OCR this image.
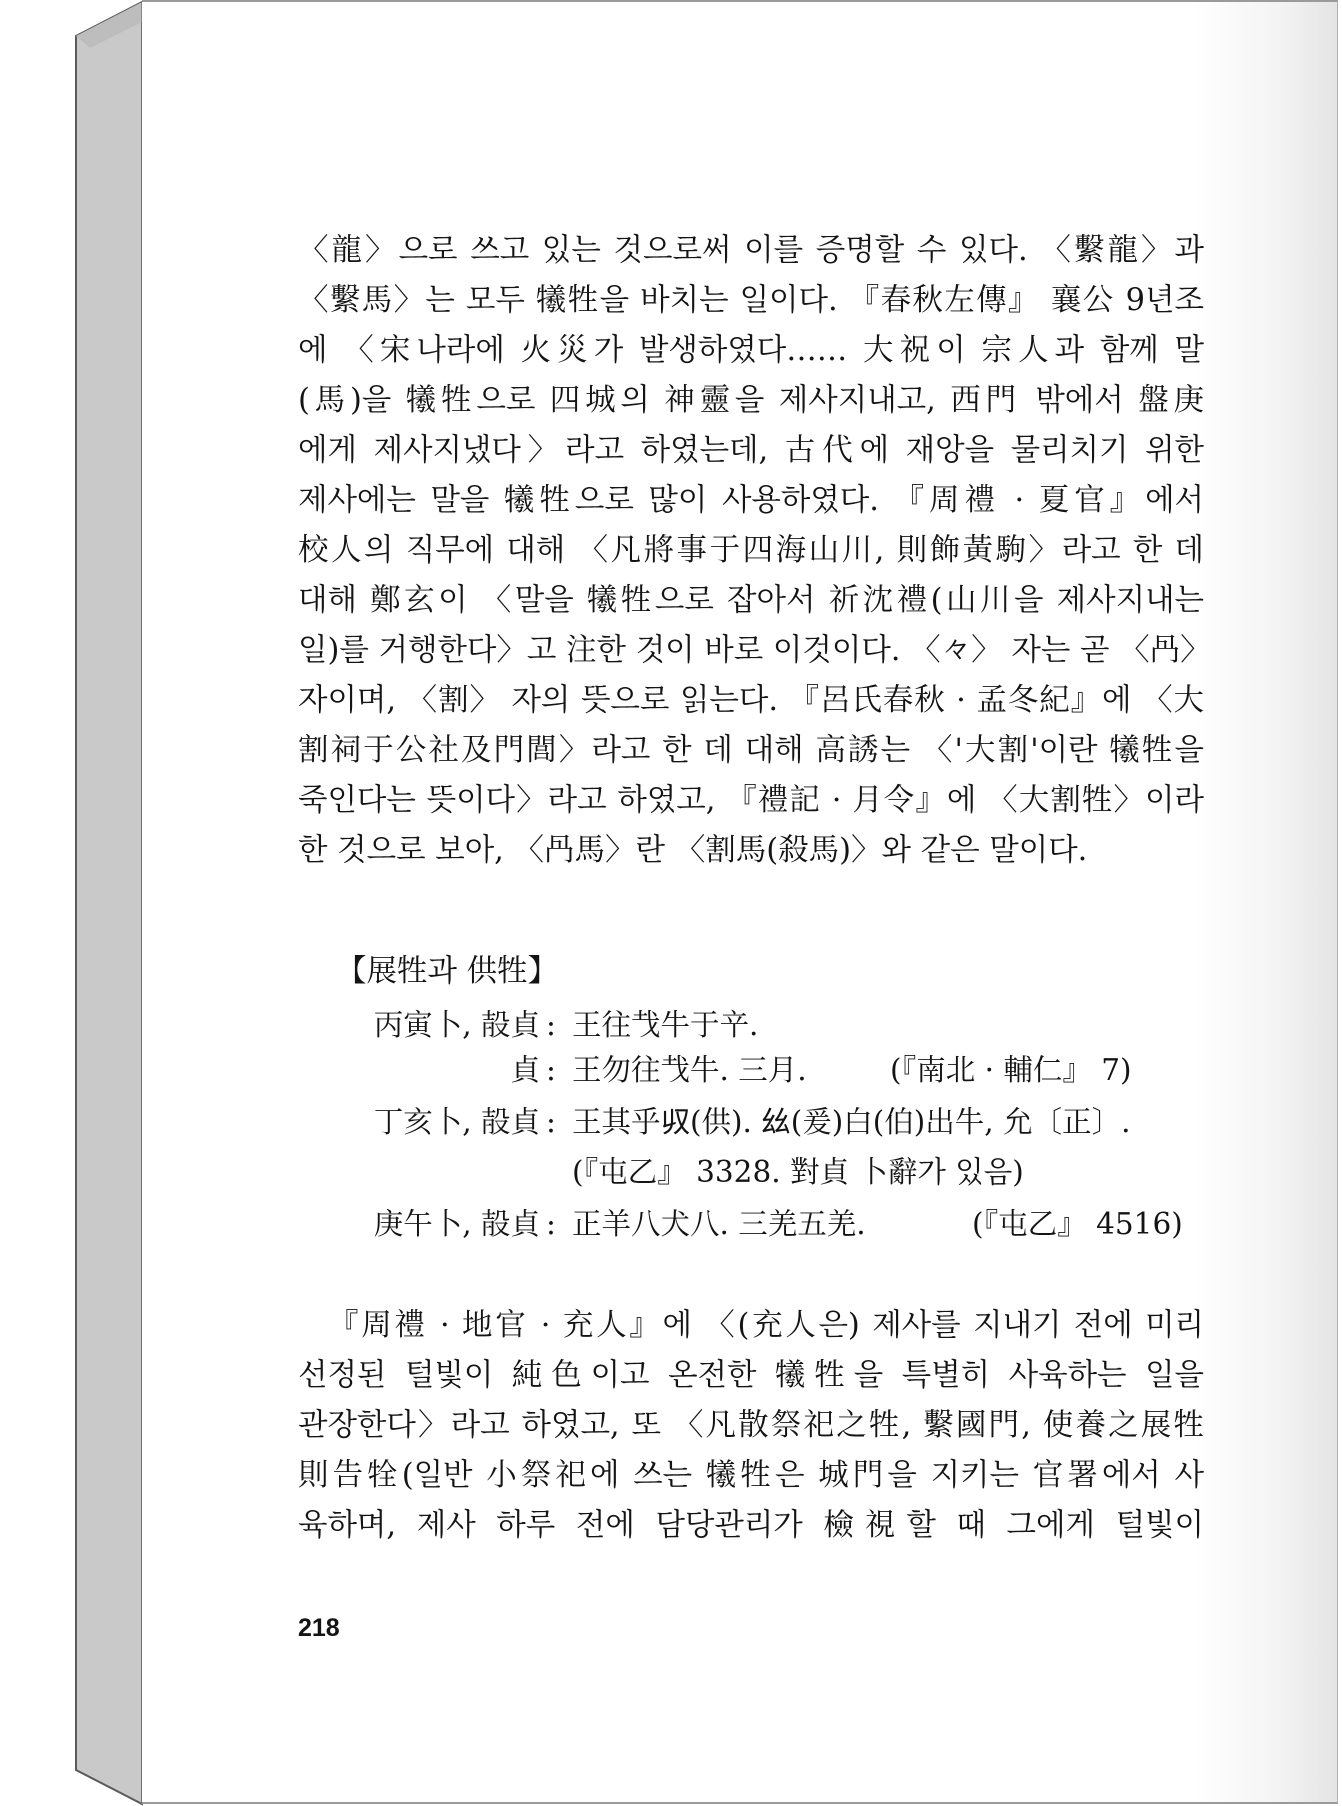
〈龍〉으로 쓰고 있는 것으로써 이를 증명할 수 있다. 〈繫龍〉과
〈繫馬〉는 모두 犧牲을 바치는 일이다. 『春秋左傳』 襄公 9년조
에 〈宋나라에 火災가 발생하였다…… 大祝이 宗人과 함께 말
(馬)을 犧牲으로 四城의 神靈을 제사지내고, 西門 밖에서 盤庚
에게 제사지냈다〉라고 하였는데, 古代에 재앙을 물리치기 위한
제사에는 말을 犧牲으로 많이 사용하였다. 『周禮 · 夏官』에서
校人의 직무에 대해 〈凡將事于四海山川, 則飾黃駒〉라고 한 데
대해 鄭玄이 〈말을 犧牲으로 잡아서 祈沈禮(山川을 제사지내는
일)를 거행한다〉고 注한 것이 바로 이것이다. 〈𠚤〉 자는 곧 〈冎〉
자이며, 〈割〉 자의 뜻으로 읽는다. 『呂氏春秋 · 孟冬紀』에 〈大
割祠于公社及門閭〉라고 한 데 대해 高誘는 〈'大割'이란 犧牲을
죽인다는 뜻이다〉라고 하였고, 『禮記 · 月令』에 〈大割牲〉이라
한 것으로 보아, 〈冎馬〉란 〈割馬(殺馬)〉와 같은 말이다.
【展牲과 供牲】
丙寅卜, 㱿貞 : 王往𢦏牛于䇂.
貞 : 王勿往𢦏牛. 三月.	(『南北 · 輔仁』 7)
丁亥卜, 㱿貞 : 王其乎𠬞(供). 𢆶(爰)白(伯)出牛, 允〔正〕.
(『屯乙』 3328. 對貞 卜辭가 있음)
庚午卜, 㱿貞 : 正羊八犬八. 三羌五羌.	(『屯乙』 4516)
『周禮 · 地官 · 充人』에 〈(充人은) 제사를 지내기 전에 미리
선정된 털빛이 純色이고 온전한 犧牲을 특별히 사육하는 일을
관장한다〉라고 하였고, 또 〈凡散祭祀之牲, 繫國門, 使養之展牲
則告牷(일반 小祭祀에 쓰는 犧牲은 城門을 지키는 官署에서 사
육하며, 제사 하루 전에 담당관리가 檢視할 때 그에게 털빛이
218
